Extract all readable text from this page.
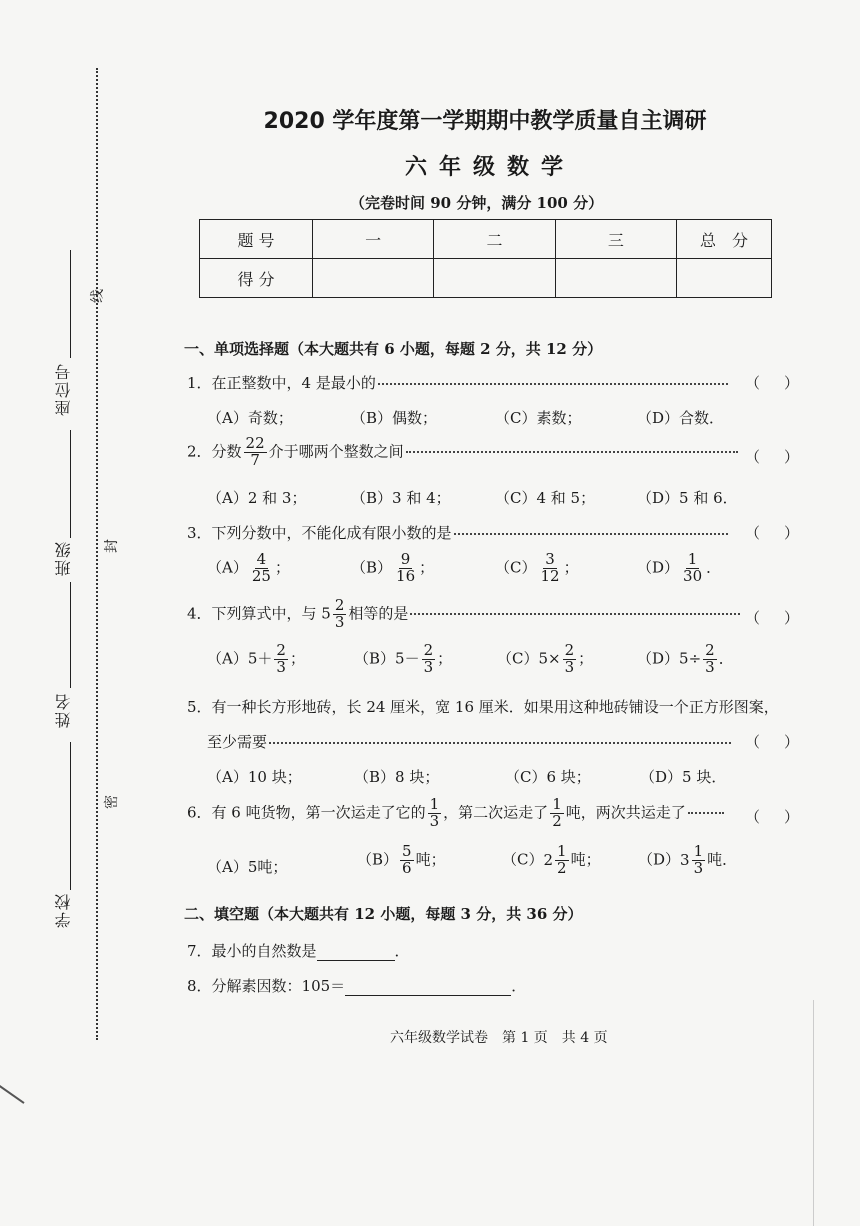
线
封
密
座位号
班级
姓名
学校
2020 学年度第一学期期中教学质量自主调研
六年级数学
（完卷时间 90 分钟，满分 100 分）
题 号	一	二	三	总　分
得 分				
一、单项选择题（本大题共有 6 小题，每题 2 分，共 12 分）
1．在正整数中，4 是最小的	（ ）
（A）奇数；	（B）偶数；	（C）素数；	（D）合数．
2．分数 $\frac{22}{7}$ 介于哪两个整数之间	（ ）
（A）2 和 3；	（B）3 和 4；	（C）4 和 5；	（D）5 和 6．
3．下列分数中，不能化成有限小数的是	（ ）
$(A) \frac{4}{25}$ ；	$(B) \frac{9}{16}$ ；	$(C) \frac{3}{12}$ ；	$(D) \frac{1}{30}$ ．
4．下列算式中，与 $5 \frac{2}{3}$ 相等的是	（ ）
$(A)5+ \frac{2}{3}$ ；	$(B)5- \frac{2}{3}$ ；	$(C)5\times \frac{2}{3}$ ；	$(D)5\div \frac{2}{3}$ ．
5．有一种长方形地砖，长 24 厘米，宽 16 厘米．如果用这种地砖铺设一个正方形图案，
至少需要	（ ）
（A）10 块；	（B）8 块；	（C）6 块；	（D）5 块．
6．有 6 吨货物，第一次运走了它的 $\frac{1}{3}$ ，第二次运走了 $\frac{1}{2}$ 吨，两次共运走了	（ ）
（A）5吨；	$(B) \frac{5}{6}$ 吨；	（C） $2 \frac{1}{2}$ 吨； （D） $3 \frac{1}{3}$ 吨．
二、填空题（本大题共有 12 小题，每题 3 分，共 36 分）
7．最小的自然数是	．
8．分解素因数：105＝	．
六年级数学试卷　第 1 页　共 4 页
